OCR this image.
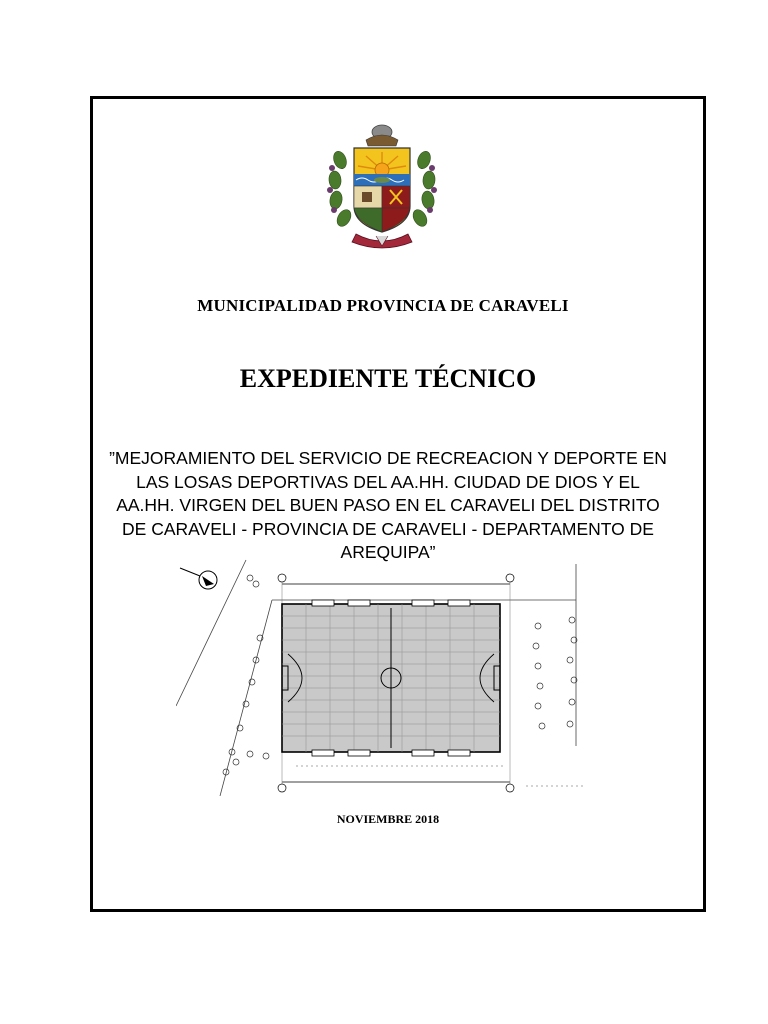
MUNICIPALIDAD PROVINCIA DE CARAVELI
EXPEDIENTE TÉCNICO
”MEJORAMIENTO DEL SERVICIO DE RECREACION Y DEPORTE EN
LAS LOSAS DEPORTIVAS DEL AA.HH. CIUDAD DE DIOS Y EL
AA.HH. VIRGEN DEL BUEN PASO EN EL CARAVELI DEL DISTRITO
DE CARAVELI - PROVINCIA DE CARAVELI - DEPARTAMENTO DE
AREQUIPA”
NOVIEMBRE 2018
